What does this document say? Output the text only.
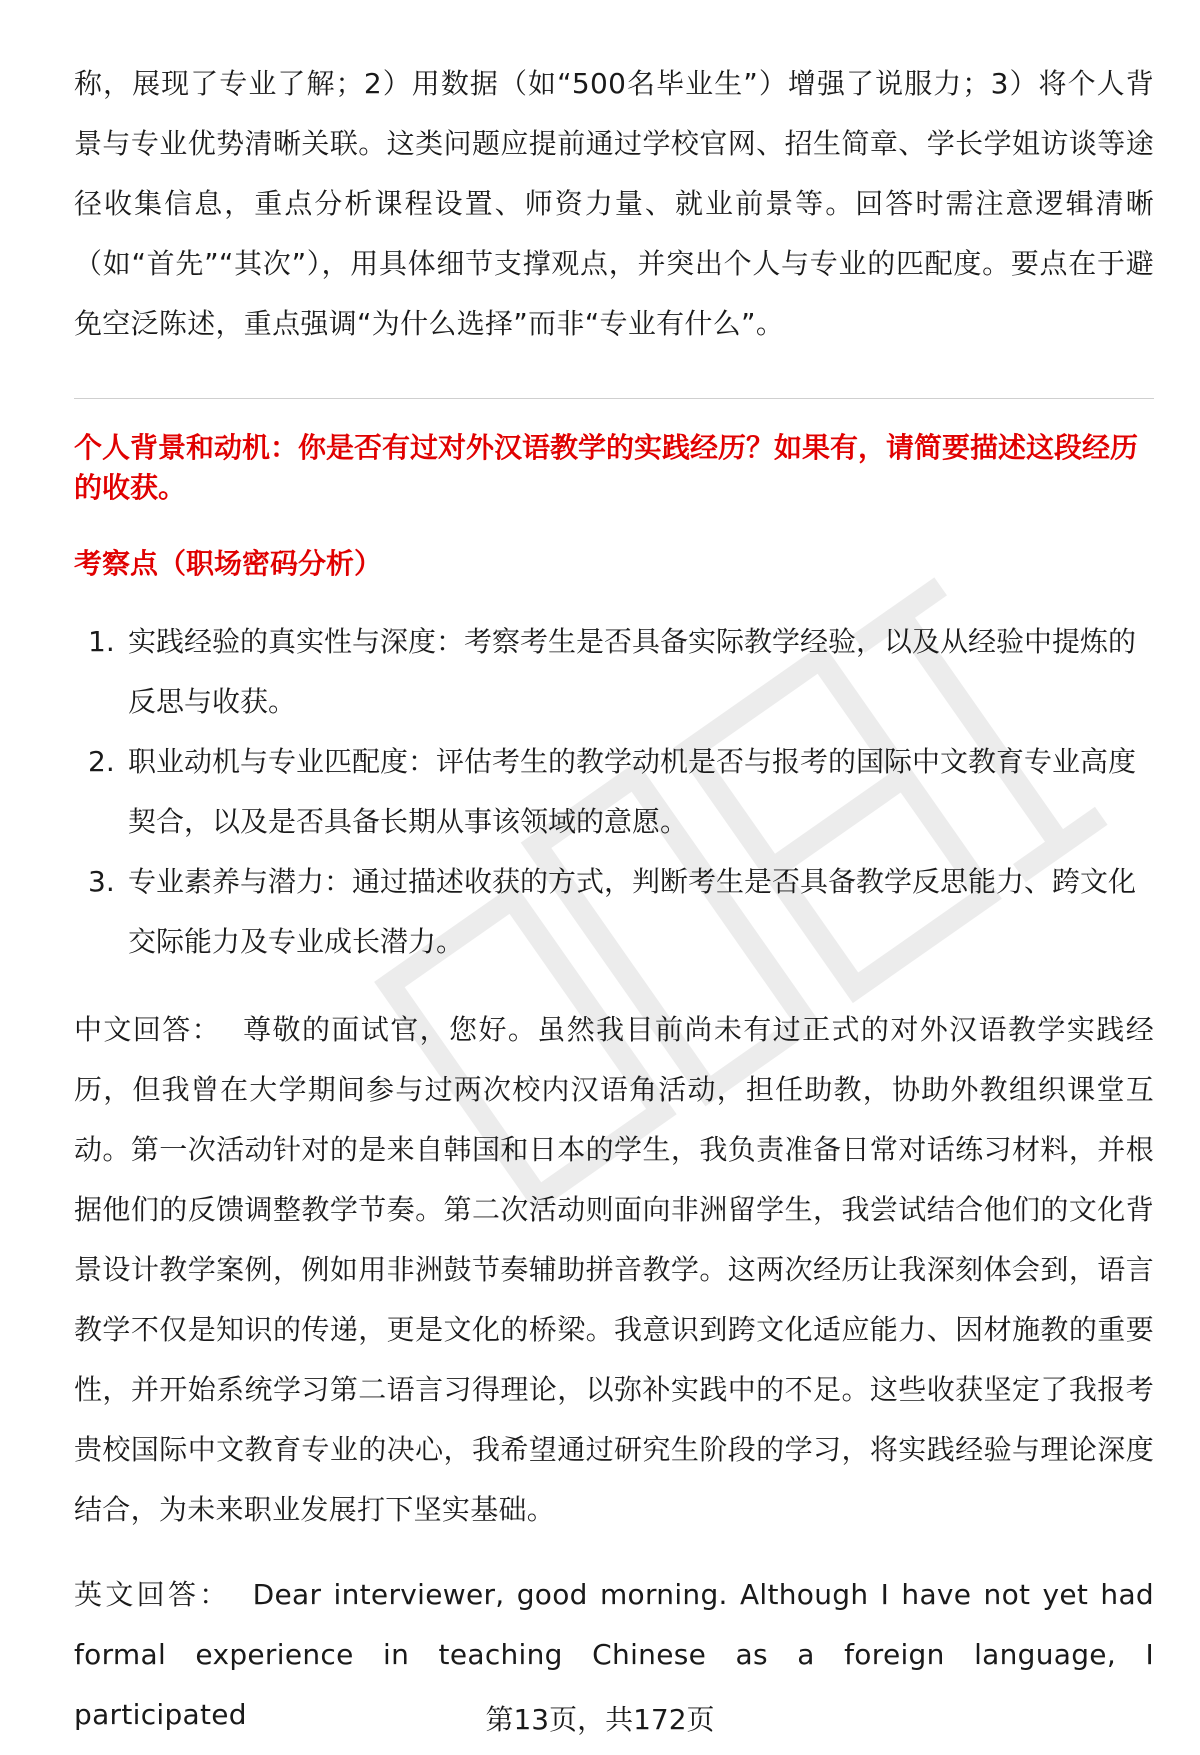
称，展现了专业了解；2）用数据（如“500名毕业生”）增强了说服力；3）将个人背景与专业优势清晰关联。这类问题应提前通过学校官网、招生简章、学长学姐访谈等途径收集信息，重点分析课程设置、师资力量、就业前景等。回答时需注意逻辑清晰（如“首先”“其次”），用具体细节支撑观点，并突出个人与专业的匹配度。要点在于避免空泛陈述，重点强调“为什么选择”而非“专业有什么”。

个人背景和动机：你是否有过对外汉语教学的实践经历？如果有，请简要描述这段经历的收获。

考察点（职场密码分析）

1. 实践经验的真实性与深度：考察考生是否具备实际教学经验，以及从经验中提炼的反思与收获。
2. 职业动机与专业匹配度：评估考生的教学动机是否与报考的国际中文教育专业高度契合，以及是否具备长期从事该领域的意愿。
3. 专业素养与潜力：通过描述收获的方式，判断考生是否具备教学反思能力、跨文化交际能力及专业成长潜力。

中文回答： 尊敬的面试官，您好。虽然我目前尚未有过正式的对外汉语教学实践经历，但我曾在大学期间参与过两次校内汉语角活动，担任助教，协助外教组织课堂互动。第一次活动针对的是来自韩国和日本的学生，我负责准备日常对话练习材料，并根据他们的反馈调整教学节奏。第二次活动则面向非洲留学生，我尝试结合他们的文化背景设计教学案例，例如用非洲鼓节奏辅助拼音教学。这两次经历让我深刻体会到，语言教学不仅是知识的传递，更是文化的桥梁。我意识到跨文化适应能力、因材施教的重要性，并开始系统学习第二语言习得理论，以弥补实践中的不足。这些收获坚定了我报考贵校国际中文教育专业的决心，我希望通过研究生阶段的学习，将实践经验与理论深度结合，为未来职业发展打下坚实基础。

英文回答： Dear interviewer, good morning. Although I have not yet had formal experience in teaching Chinese as a foreign language, I participated	第13页，共172页
